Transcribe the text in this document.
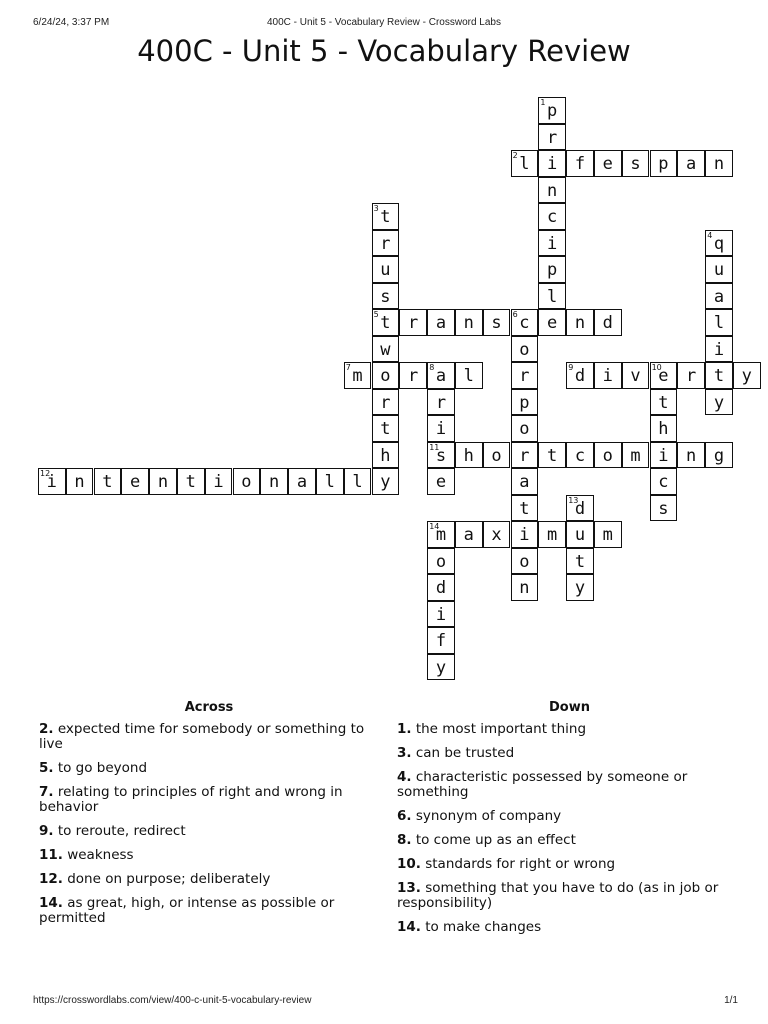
6/24/24, 3:37 PM	400C - Unit 5 - Vocabulary Review - Crossword Labs
400C - Unit 5 - Vocabulary Review
1 p
r
i
n
c
i
p
l
e
2 l	f	e	s	p	a	n
3 t
r
u
s
5 t
w
o
r
t
h
y
4 q
u
a
l
i
t
y
r	a	n	s	6 c	n	d
o
r
p
o
r
a
t
i
o
n
7 m	r	8 a	l
r
i
11
s
e
9 d	i	v	10
e	r	y
t
h
i
c
s
h	o	t	c	o	m	n	g
12
i	n	t	e	n	t	i	o	n	a	l	l
13
d
u
t
y
14
m	a	x	m	m
o
d
i
f
y
Across
2. expected time for somebody or something to live
5. to go beyond
7. relating to principles of right and wrong in behavior
9. to reroute, redirect
11. weakness
12. done on purpose; deliberately
14. as great, high, or intense as possible or permitted
Down
1. the most important thing
3. can be trusted
4. characteristic possessed by someone or something
6. synonym of company
8. to come up as an effect
10. standards for right or wrong
13. something that you have to do (as in job or responsibility)
14. to make changes
https://crosswordlabs.com/view/400-c-unit-5-vocabulary-review	1/1
